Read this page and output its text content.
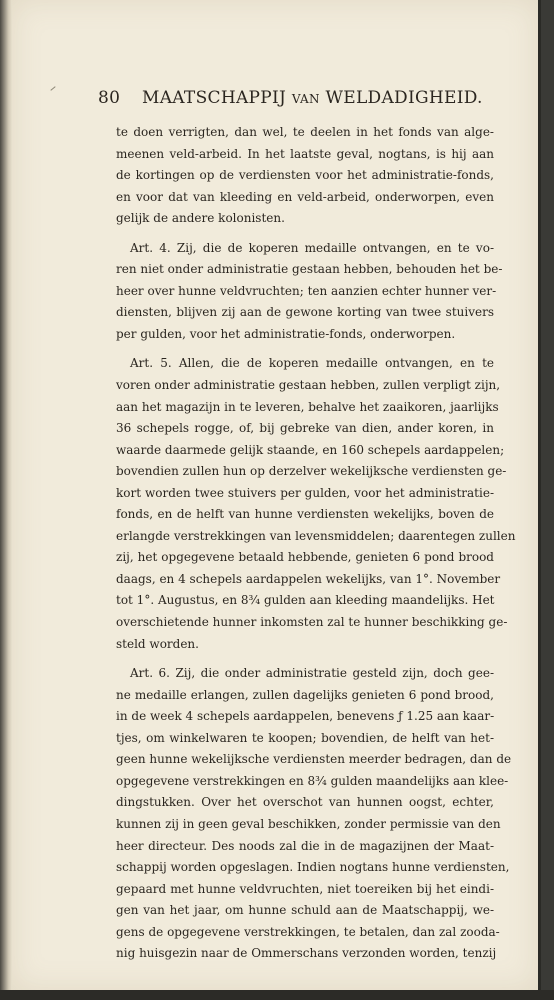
80 MAATSCHAPPIJ VAN WELDADIGHEID.
te doen verrigten, dan wel, te deelen in het fonds van alge-
meenen veld-arbeid. In het laatste geval, nogtans, is hij aan
de kortingen op de verdiensten voor het administratie-fonds,
en voor dat van kleeding en veld-arbeid, onderworpen, even
gelijk de andere kolonisten.
Art. 4. Zij, die de koperen medaille ontvangen, en te vo-
ren niet onder administratie gestaan hebben, behouden het be-
heer over hunne veldvruchten; ten aanzien echter hunner ver-
diensten, blijven zij aan de gewone korting van twee stuivers
per gulden, voor het administratie-fonds, onderworpen.
Art. 5. Allen, die de koperen medaille ontvangen, en te
voren onder administratie gestaan hebben, zullen verpligt zijn,
aan het magazijn in te leveren, behalve het zaaikoren, jaarlijks
36 schepels rogge, of, bij gebreke van dien, ander koren, in
waarde daarmede gelijk staande, en 160 schepels aardappelen;
bovendien zullen hun op derzelver wekelijksche verdiensten ge-
kort worden twee stuivers per gulden, voor het administratie-
fonds, en de helft van hunne verdiensten wekelijks, boven de
erlangde verstrekkingen van levensmiddelen; daarentegen zullen
zij, het opgegevene betaald hebbende, genieten 6 pond brood
daags, en 4 schepels aardappelen wekelijks, van 1°. November
tot 1°. Augustus, en 8¾ gulden aan kleeding maandelijks. Het
overschietende hunner inkomsten zal te hunner beschikking ge-
steld worden.
Art. 6. Zij, die onder administratie gesteld zijn, doch gee-
ne medaille erlangen, zullen dagelijks genieten 6 pond brood,
in de week 4 schepels aardappelen, benevens ƒ 1.25 aan kaar-
tjes, om winkelwaren te koopen; bovendien, de helft van het-
geen hunne wekelijksche verdiensten meerder bedragen, dan de
opgegevene verstrekkingen en 8¾ gulden maandelijks aan klee-
dingstukken. Over het overschot van hunnen oogst, echter,
kunnen zij in geen geval beschikken, zonder permissie van den
heer directeur. Des noods zal die in de magazijnen der Maat-
schappij worden opgeslagen. Indien nogtans hunne verdiensten,
gepaard met hunne veldvruchten, niet toereiken bij het eindi-
gen van het jaar, om hunne schuld aan de Maatschappij, we-
gens de opgegevene verstrekkingen, te betalen, dan zal zooda-
nig huisgezin naar de Ommerschans verzonden worden, tenzij
